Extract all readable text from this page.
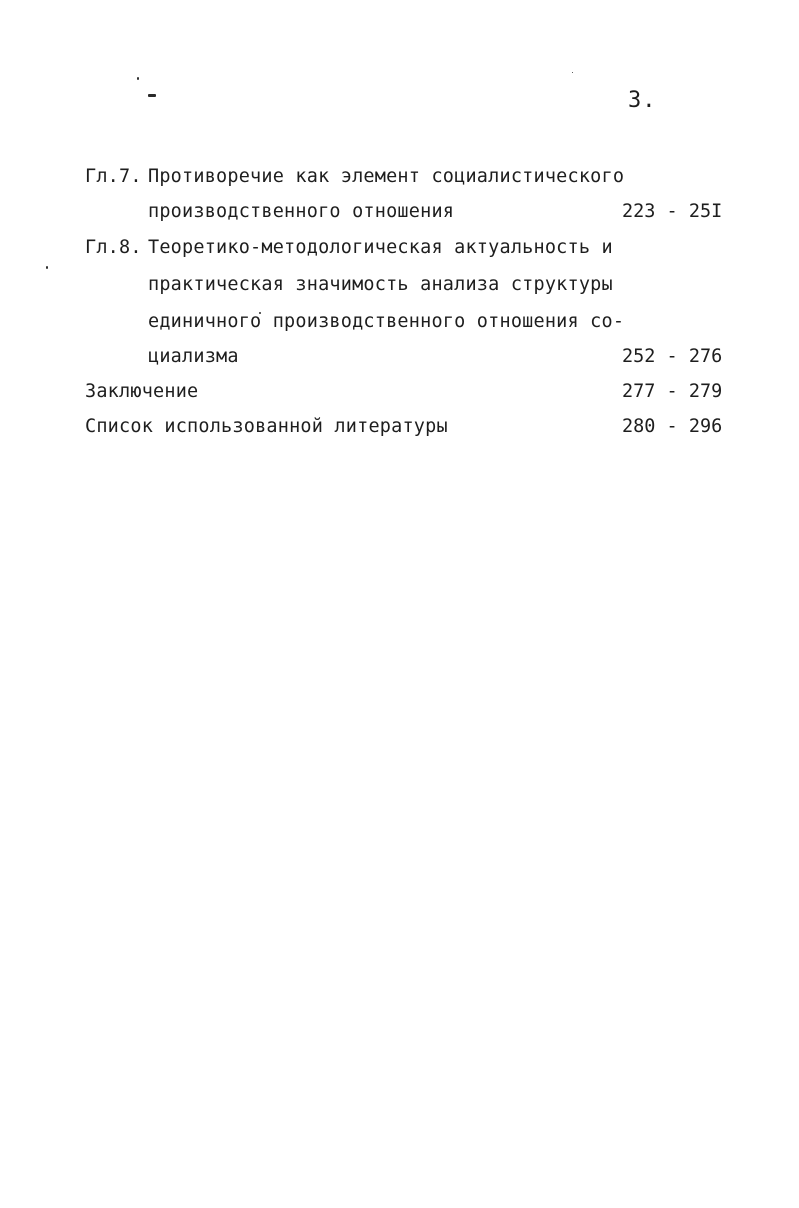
3.
Гл.7. Противоречие как элемент социалистического
производственного отношения	223 - 25I
Гл.8. Теоретико-методологическая актуальность и
практическая значимость анализа структуры
единичного производственного отношения со-
циализма	252 - 276
Заключение	277 - 279
Список использованной литературы	280 - 296
